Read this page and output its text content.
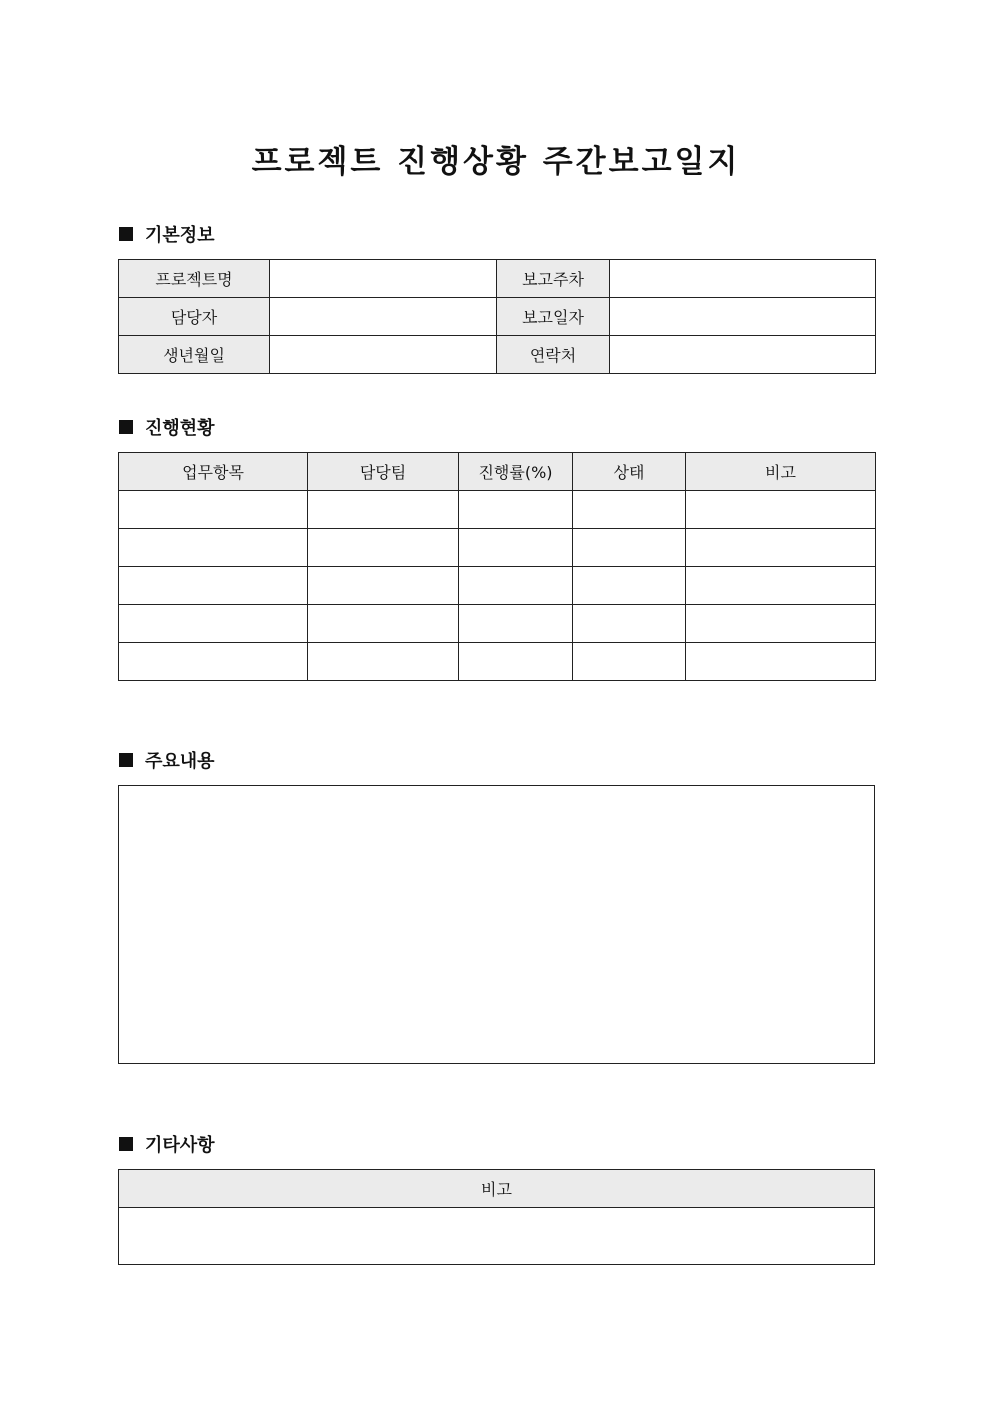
프로젝트 진행상황 주간보고일지
기본정보
프로젝트명		보고주차	
담당자		보고일자	
생년월일		연락처	
진행현황
업무항목	담당팀	진행률(%)	상태	비고

주요내용
기타사항
비고
